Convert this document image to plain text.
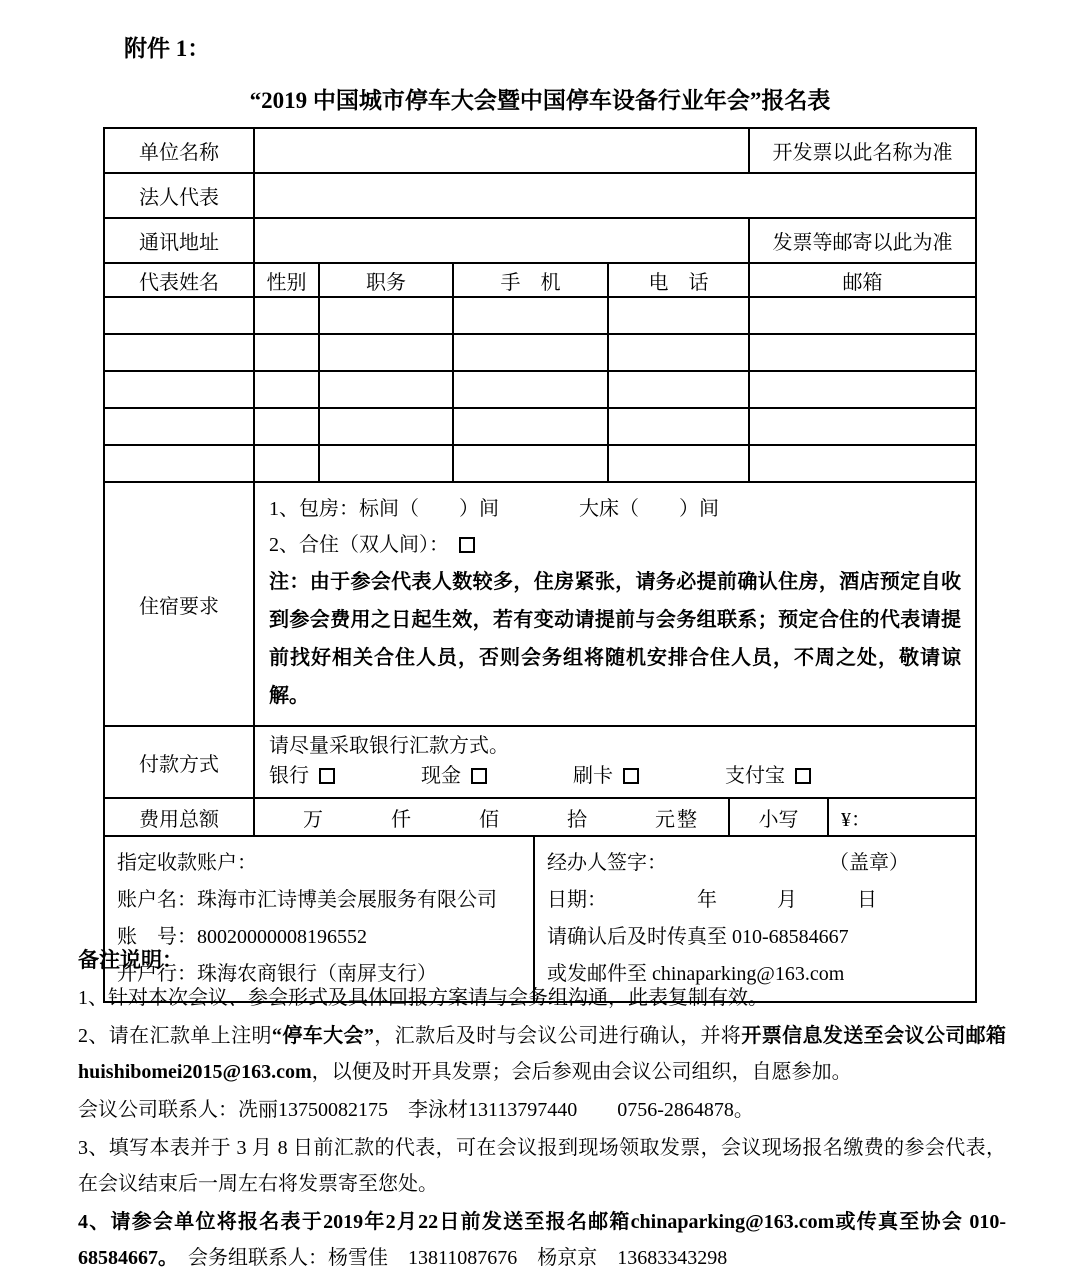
附件 1：
“2019 中国城市停车大会暨中国停车设备行业年会”报名表
单位名称		开发票以此名称为准
法人代表		
通讯地址		发票等邮寄以此为准
代表姓名	性别	职务	手　机	电　话	邮箱

住宿要求	1、包房：标间（　　）间　　　　大床（　　）间
2、合住（双人间）：
注：由于参会代表人数较多，住房紧张，请务必提前确认住房，酒店预定自收到参会费用之日起生效，若有变动请提前与会务组联系；预定合住的代表请提前找好相关合住人员，否则会务组将随机安排合住人员，不周之处，敬请谅解。

付款方式	请尽量采取银行汇款方式。
银行 现金 刷卡 支付宝
费用总额	万　　　仟　　　佰　　　拾　　　元整	小写	¥：
指定收款账户：
账户名：珠海市汇诗博美会展服务有限公司
账　号：80020000008196552
开户行：珠海农商银行（南屏支行）

经办人签字：	（盖章）
日期：　　　　　年　　　月　　　日
请确认后及时传真至 010-68584667
或发邮件至 chinaparking@163.com
备注说明：

1、针对本次会议、参会形式及具体回报方案请与会务组沟通，此表复制有效。

2、请在汇款单上注明“停车大会”，汇款后及时与会议公司进行确认，并将开票信息发送至会议公司邮箱huishibomei2015@163.com，以便及时开具发票；会后参观由会议公司组织，自愿参加。

会议公司联系人：冼丽13750082175　李泳材13113797440　　0756-2864878。

3、填写本表并于 3 月 8 日前汇款的代表，可在会议报到现场领取发票，会议现场报名缴费的参会代表，在会议结束后一周左右将发票寄至您处。

4、请参会单位将报名表于2019年2月22日前发送至报名邮箱chinaparking@163.com或传真至协会 010-68584667。　会务组联系人：杨雪佳　13811087676　杨京京　13683343298
